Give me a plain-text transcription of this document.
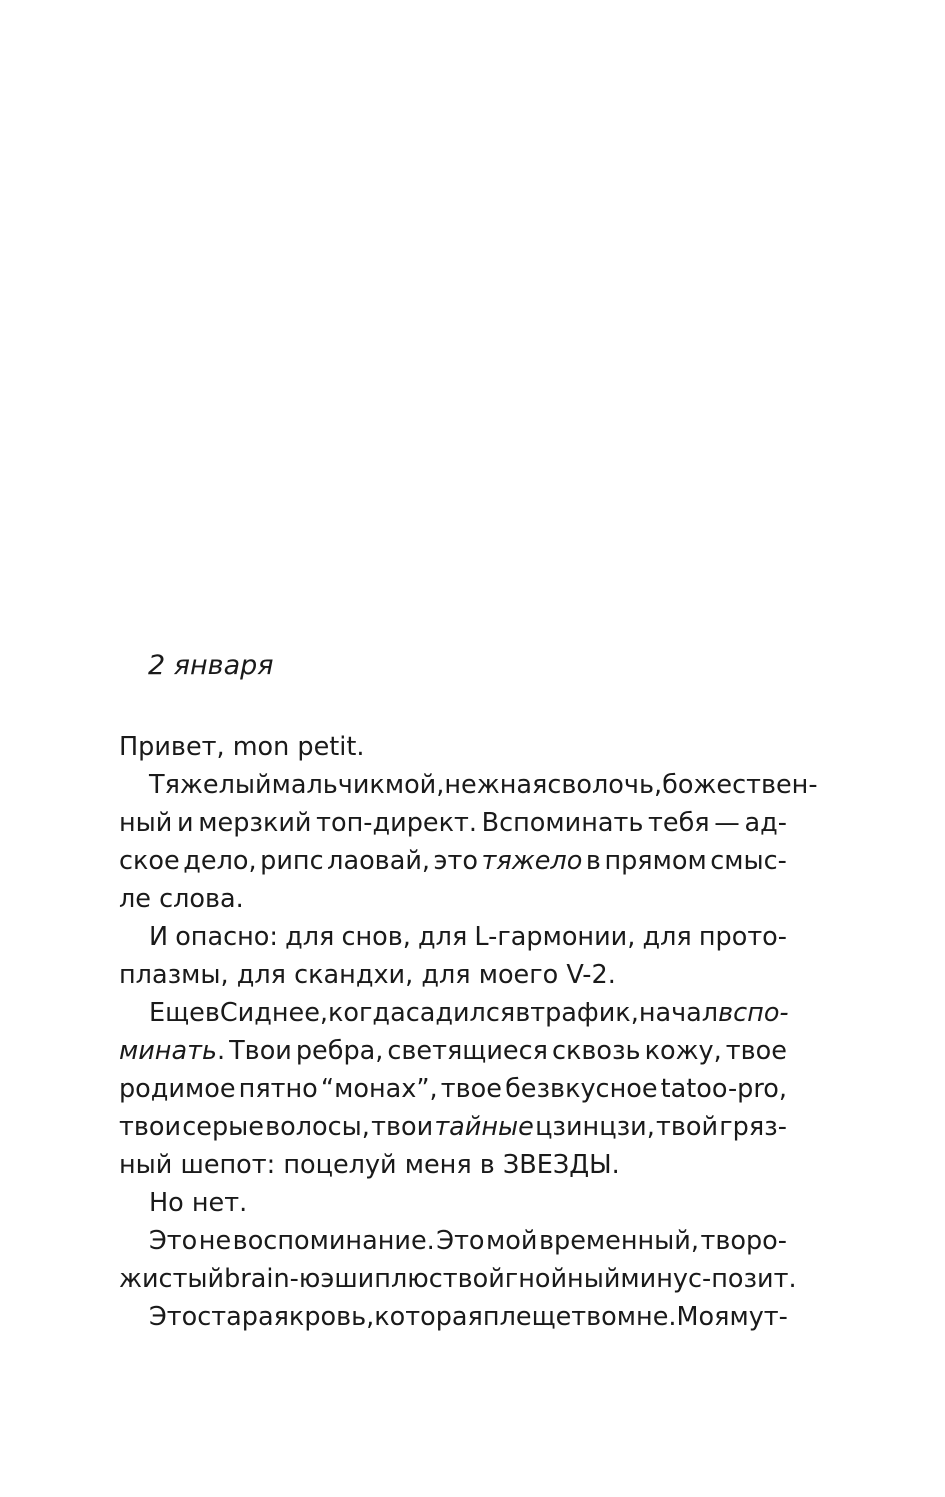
2 января
Привет, mon petit.
Тяжелый мальчик мой, нежная сволочь, божествен-
ный и мерзкий топ-директ. Вспоминать тебя — ад-
ское дело, рипс лаовай, это тяжело в прямом смыс-
ле слова.
И опасно: для снов, для L-гармонии, для прото-
плазмы, для скандхи, для моего V-2.
Еще в Сиднее, когда садился в трафик, начал вспо-
минать. Твои ребра, светящиеся сквозь кожу, твое
родимое пятно “монах”, твое безвкусное tatoo-pro,
твои серые волосы, твои тайные цзинцзи, твой гряз-
ный шепот: поцелуй меня в ЗВЕЗДЫ.
Но нет.
Это не воспоминание. Это мой временный, творо-
жистый brain-юэши плюс твой гнойный минус-позит.
Это старая кровь, которая плещет во мне. Моя мут-
